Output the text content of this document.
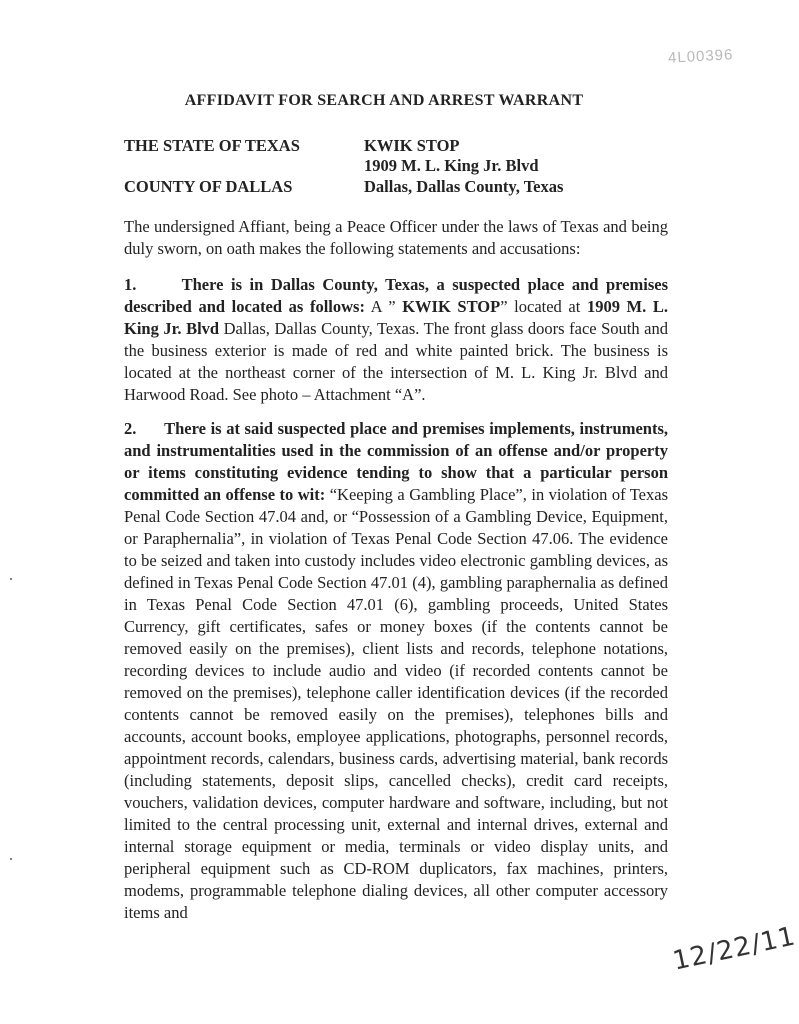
4L00396
AFFIDAVIT FOR SEARCH AND ARREST WARRANT
THE STATE OF TEXAS
COUNTY OF DALLAS
KWIK STOP
1909 M. L. King Jr. Blvd
Dallas, Dallas County, Texas

The undersigned Affiant, being a Peace Officer under the laws of Texas and being duly sworn, on oath makes the following statements and accusations:

1.	There is in Dallas County, Texas, a suspected place and premises described and located as follows: A ” KWIK STOP” located at 1909 M. L. King Jr. Blvd Dallas, Dallas County, Texas. The front glass doors face South and the business exterior is made of red and white painted brick. The business is located at the northeast corner of the intersection of M. L. King Jr. Blvd and Harwood Road. See photo – Attachment “A”.

2. There is at said suspected place and premises implements, instruments, and instrumentalities used in the commission of an offense and/or property or items constituting evidence tending to show that a particular person committed an offense to wit: “Keeping a Gambling Place”, in violation of Texas Penal Code Section 47.04 and, or “Possession of a Gambling Device, Equipment, or Paraphernalia”, in violation of Texas Penal Code Section 47.06. The evidence to be seized and taken into custody includes video electronic gambling devices, as defined in Texas Penal Code Section 47.01 (4), gambling paraphernalia as defined in Texas Penal Code Section 47.01 (6), gambling proceeds, United States Currency, gift certificates, safes or money boxes (if the contents cannot be removed easily on the premises), client lists and records, telephone notations, recording devices to include audio and video (if recorded contents cannot be removed on the premises), telephone caller identification devices (if the recorded contents cannot be removed easily on the premises), telephones bills and accounts, account books, employee applications, photographs, personnel records, appointment records, calendars, business cards, advertising material, bank records (including statements, deposit slips, cancelled checks), credit card receipts, vouchers, validation devices, computer hardware and software, including, but not limited to the central processing unit, external and internal drives, external and internal storage equipment or media, terminals or video display units, and peripheral equipment such as CD-ROM duplicators, fax machines, printers, modems, programmable telephone dialing devices, all other computer accessory items and

12/22/11
